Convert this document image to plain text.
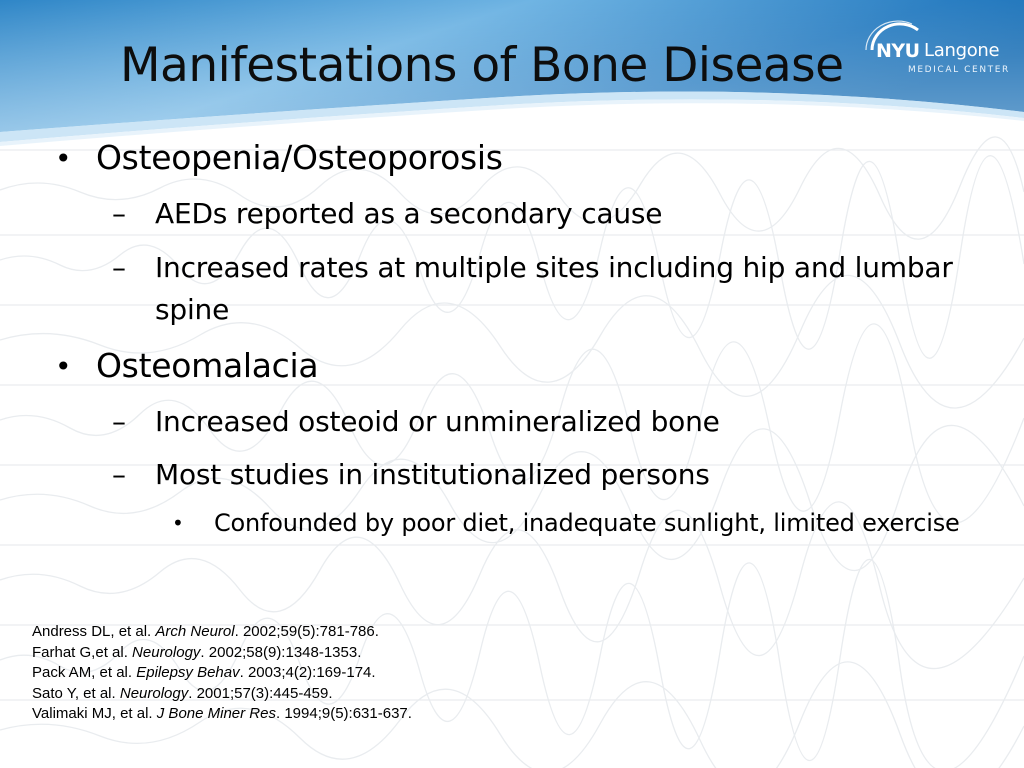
Manifestations of Bone Disease	NYU Langone
MEDICAL CENTER
• Osteopenia/Osteoporosis
– AEDs reported as a secondary cause
– Increased rates at multiple sites including hip and lumbar spine
• Osteomalacia
– Increased osteoid or unmineralized bone
– Most studies in institutionalized persons
• Confounded by poor diet, inadequate sunlight, limited exercise
Andress DL, et al. Arch Neurol. 2002;59(5):781-786.
Farhat G,et al. Neurology. 2002;58(9):1348-1353.
Pack AM, et al. Epilepsy Behav. 2003;4(2):169-174.
Sato Y, et al. Neurology. 2001;57(3):445-459.
Valimaki MJ, et al. J Bone Miner Res. 1994;9(5):631-637.
